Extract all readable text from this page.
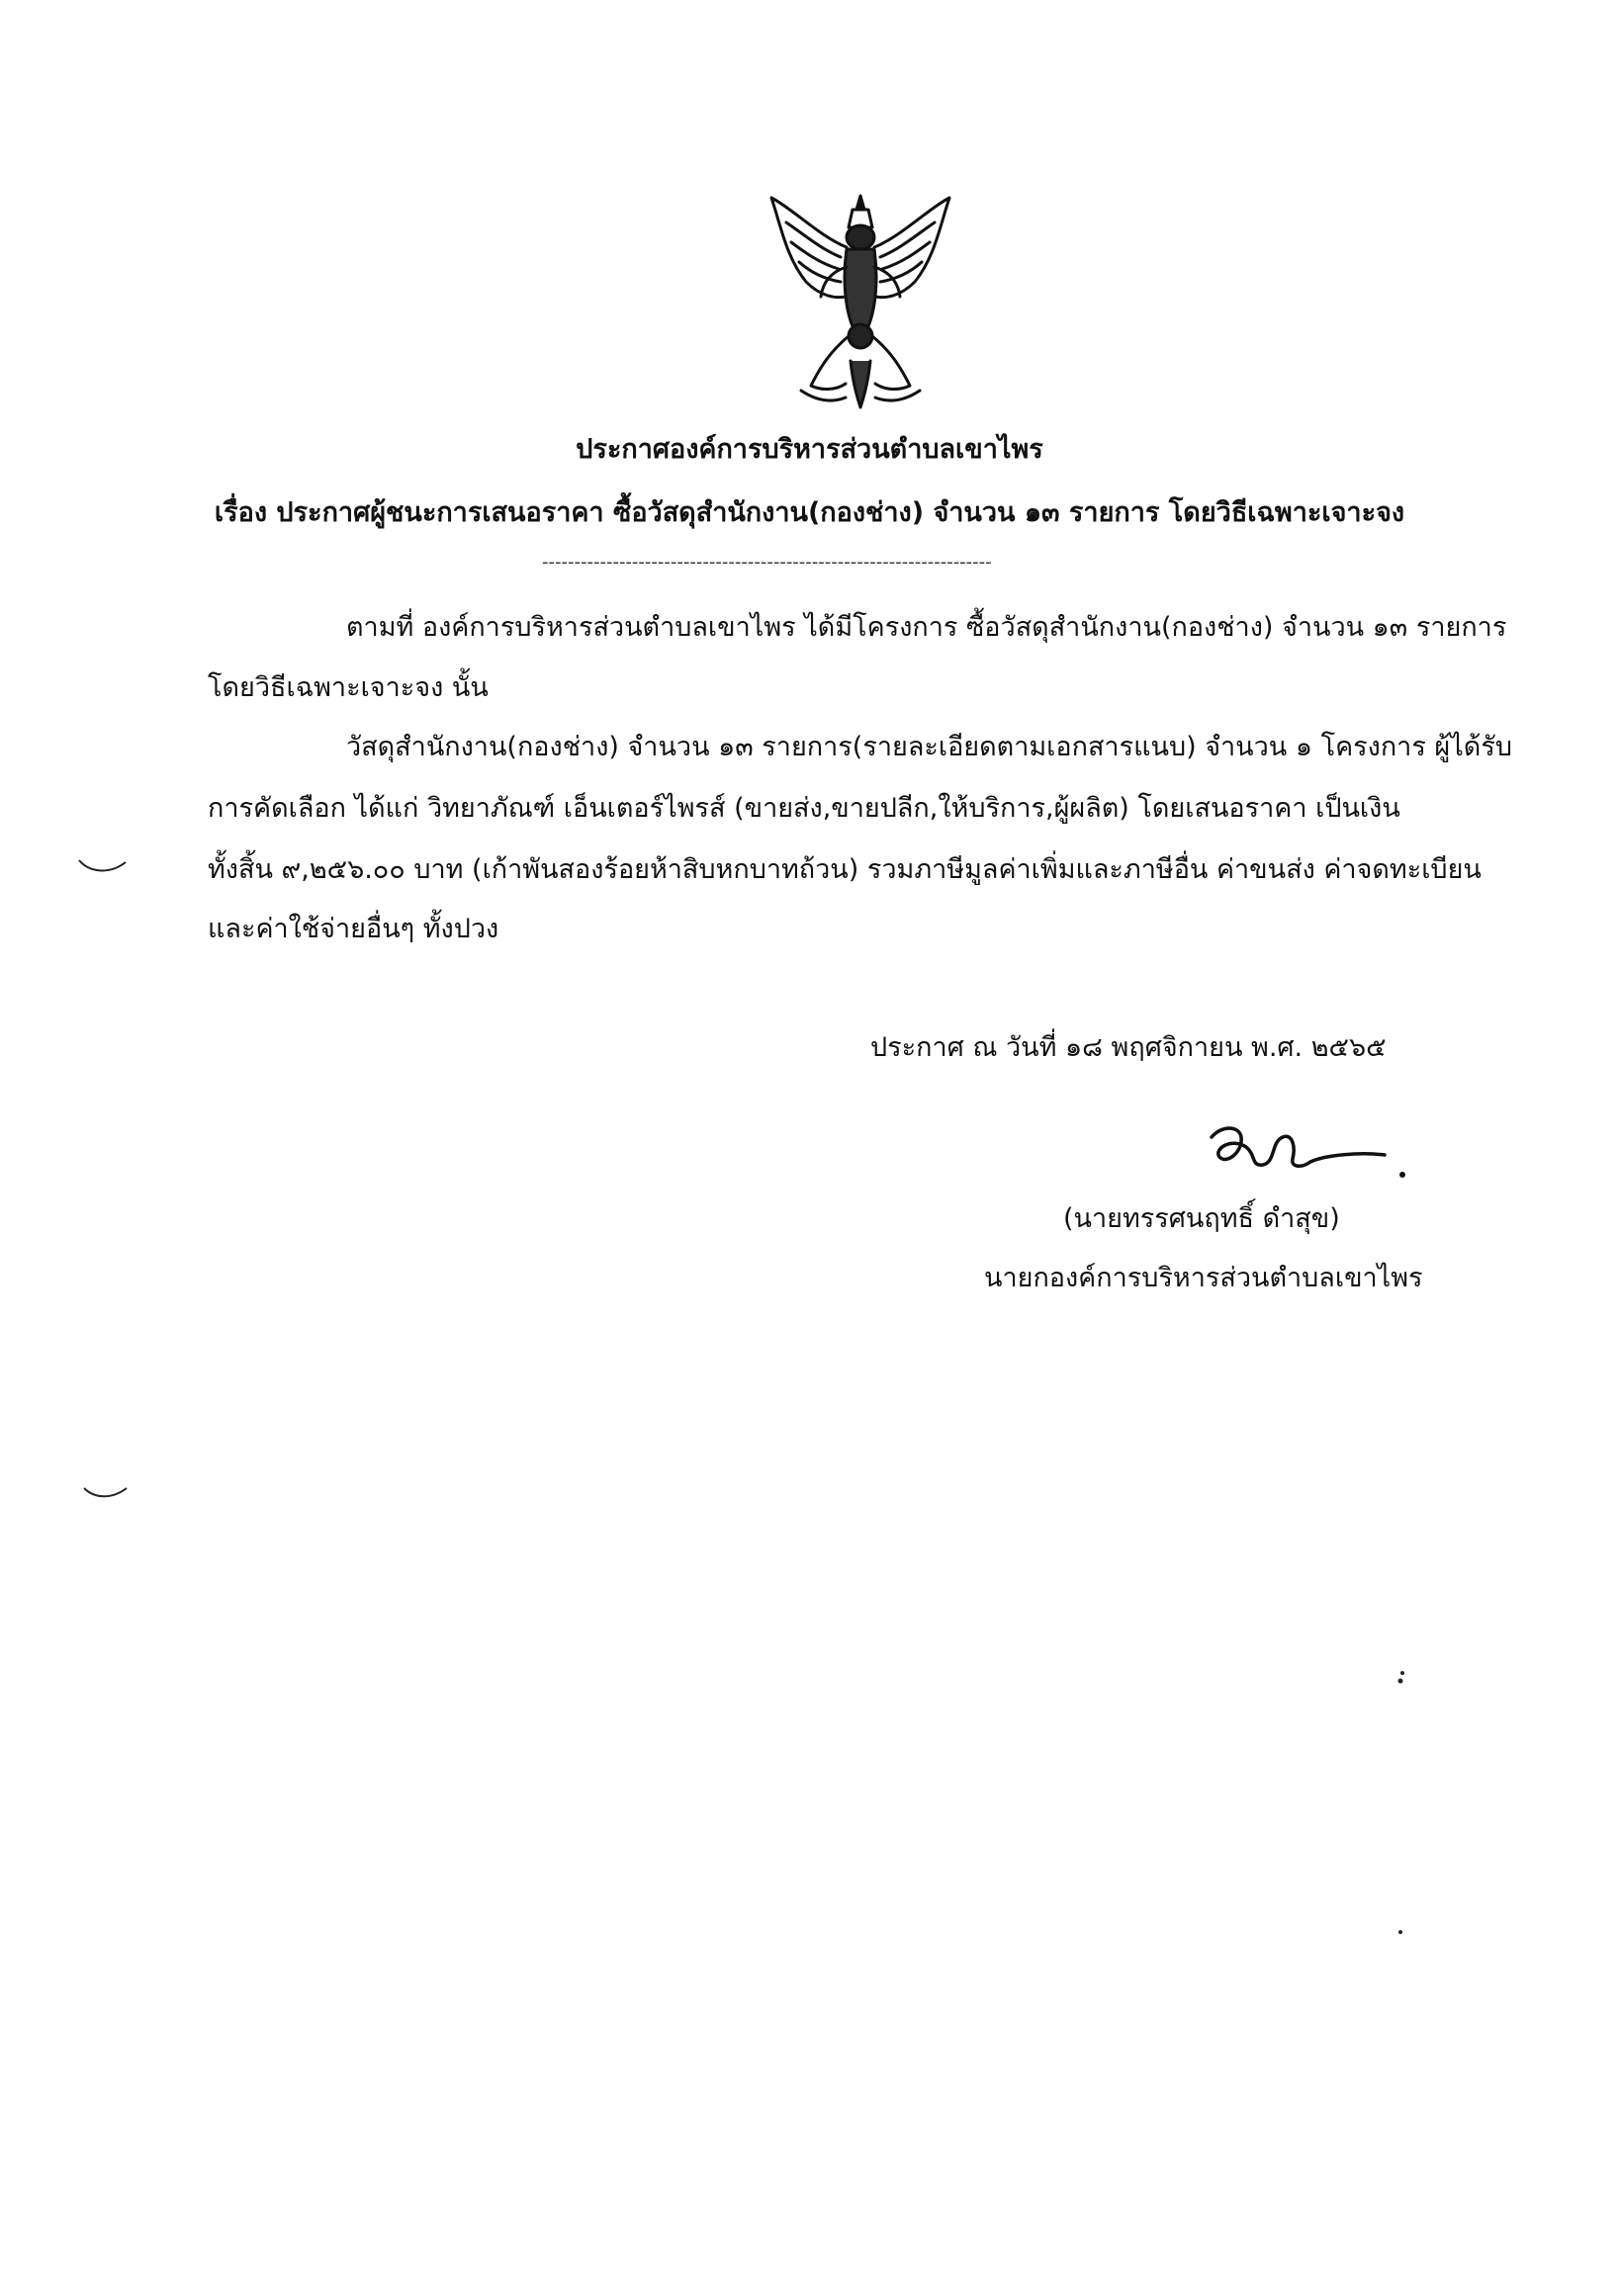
ประกาศองค์การบริหารส่วนตำบลเขาไพร
เรื่อง ประกาศผู้ชนะการเสนอราคา ซื้อวัสดุสำนักงาน(กองช่าง) จำนวน ๑๓ รายการ โดยวิธีเฉพาะเจาะจง
----------------------------------------------------------------------
ตามที่ องค์การบริหารส่วนตำบลเขาไพร ได้มีโครงการ ซื้อวัสดุสำนักงาน(กองช่าง) จำนวน ๑๓ รายการ
โดยวิธีเฉพาะเจาะจง นั้น
วัสดุสำนักงาน(กองช่าง) จำนวน ๑๓ รายการ(รายละเอียดตามเอกสารแนบ) จำนวน ๑ โครงการ ผู้ได้รับ
การคัดเลือก ได้แก่ วิทยาภัณฑ์ เอ็นเตอร์ไพรส์ (ขายส่ง,ขายปลีก,ให้บริการ,ผู้ผลิต) โดยเสนอราคา เป็นเงิน
ทั้งสิ้น ๙,๒๕๖.๐๐ บาท (เก้าพันสองร้อยห้าสิบหกบาทถ้วน) รวมภาษีมูลค่าเพิ่มและภาษีอื่น ค่าขนส่ง ค่าจดทะเบียน
และค่าใช้จ่ายอื่นๆ ทั้งปวง
ประกาศ ณ วันที่ ๑๘ พฤศจิกายน พ.ศ. ๒๕๖๕
(นายทรรศนฤทธิ์ ดำสุข)
นายกองค์การบริหารส่วนตำบลเขาไพร
